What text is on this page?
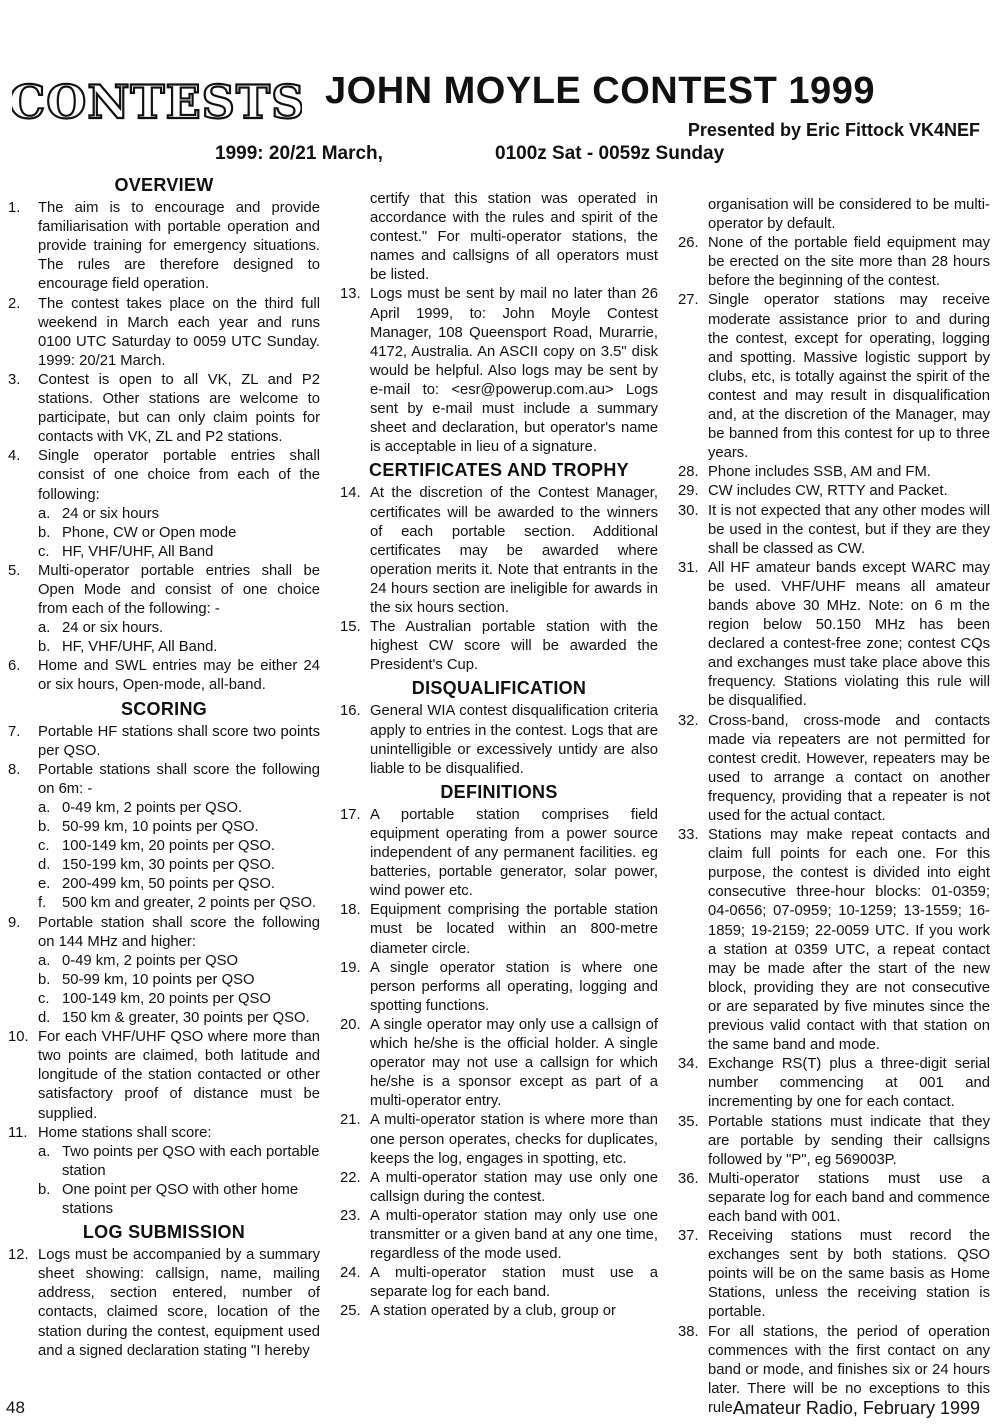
CONTESTS JOHN MOYLE CONTEST 1999
Presented by Eric Fittock VK4NEF
1999: 20/21 March,	0100z Sat - 0059z Sunday
OVERVIEW
1. The aim is to encourage and provide familiarisation with portable operation and provide training for emergency situations. The rules are therefore designed to encourage field operation.
2. The contest takes place on the third full weekend in March each year and runs 0100 UTC Saturday to 0059 UTC Sunday. 1999: 20/21 March.
3. Contest is open to all VK, ZL and P2 stations. Other stations are welcome to participate, but can only claim points for contacts with VK, ZL and P2 stations.
4. Single operator portable entries shall consist of one choice from each of the following:
a. 24 or six hours
b. Phone, CW or Open mode
c. HF, VHF/UHF, All Band
5. Multi-operator portable entries shall be Open Mode and consist of one choice from each of the following: -
a. 24 or six hours.
b. HF, VHF/UHF, All Band.
6. Home and SWL entries may be either 24 or six hours, Open-mode, all-band.
SCORING
7. Portable HF stations shall score two points per QSO.
8. Portable stations shall score the following on 6m: -
a. 0-49 km, 2 points per QSO.
b. 50-99 km, 10 points per QSO.
c. 100-149 km, 20 points per QSO.
d. 150-199 km, 30 points per QSO.
e. 200-499 km, 50 points per QSO.
f. 500 km and greater, 2 points per QSO.
9. Portable station shall score the following on 144 MHz and higher:
a. 0-49 km, 2 points per QSO
b. 50-99 km, 10 points per QSO
c. 100-149 km, 20 points per QSO
d. 150 km & greater, 30 points per QSO.
10. For each VHF/UHF QSO where more than two points are claimed, both latitude and longitude of the station contacted or other satisfactory proof of distance must be supplied.
11. Home stations shall score:
a. Two points per QSO with each portable station
b. One point per QSO with other home stations
LOG SUBMISSION
12. Logs must be accompanied by a summary sheet showing: callsign, name, mailing address, section entered, number of contacts, claimed score, location of the station during the contest, equipment used and a signed declaration stating "I hereby
certify that this station was operated in accordance with the rules and spirit of the contest." For multi-operator stations, the names and callsigns of all operators must be listed.
13. Logs must be sent by mail no later than 26 April 1999, to: John Moyle Contest Manager, 108 Queensport Road, Murarrie, 4172, Australia. An ASCII copy on 3.5" disk would be helpful. Also logs may be sent by e-mail to: <esr@powerup.com.au> Logs sent by e-mail must include a summary sheet and declaration, but operator's name is acceptable in lieu of a signature.
CERTIFICATES AND TROPHY
14. At the discretion of the Contest Manager, certificates will be awarded to the winners of each portable section. Additional certificates may be awarded where operation merits it. Note that entrants in the 24 hours section are ineligible for awards in the six hours section.
15. The Australian portable station with the highest CW score will be awarded the President's Cup.
DISQUALIFICATION
16. General WIA contest disqualification criteria apply to entries in the contest. Logs that are unintelligible or excessively untidy are also liable to be disqualified.
DEFINITIONS
17. A portable station comprises field equipment operating from a power source independent of any permanent facilities. eg batteries, portable generator, solar power, wind power etc.
18. Equipment comprising the portable station must be located within an 800-metre diameter circle.
19. A single operator station is where one person performs all operating, logging and spotting functions.
20. A single operator may only use a callsign of which he/she is the official holder. A single operator may not use a callsign for which he/she is a sponsor except as part of a multi-operator entry.
21. A multi-operator station is where more than one person operates, checks for duplicates, keeps the log, engages in spotting, etc.
22. A multi-operator station may use only one callsign during the contest.
23. A multi-operator station may only use one transmitter or a given band at any one time, regardless of the mode used.
24. A multi-operator station must use a separate log for each band.
25. A station operated by a club, group or
organisation will be considered to be multi-operator by default.
26. None of the portable field equipment may be erected on the site more than 28 hours before the beginning of the contest.
27. Single operator stations may receive moderate assistance prior to and during the contest, except for operating, logging and spotting. Massive logistic support by clubs, etc, is totally against the spirit of the contest and may result in disqualification and, at the discretion of the Manager, may be banned from this contest for up to three years.
28. Phone includes SSB, AM and FM.
29. CW includes CW, RTTY and Packet.
30. It is not expected that any other modes will be used in the contest, but if they are they shall be classed as CW.
31. All HF amateur bands except WARC may be used. VHF/UHF means all amateur bands above 30 MHz. Note: on 6 m the region below 50.150 MHz has been declared a contest-free zone; contest CQs and exchanges must take place above this frequency. Stations violating this rule will be disqualified.
32. Cross-band, cross-mode and contacts made via repeaters are not permitted for contest credit. However, repeaters may be used to arrange a contact on another frequency, providing that a repeater is not used for the actual contact.
33. Stations may make repeat contacts and claim full points for each one. For this purpose, the contest is divided into eight consecutive three-hour blocks: 01-0359; 04-0656; 07-0959; 10-1259; 13-1559; 16-1859; 19-2159; 22-0059 UTC. If you work a station at 0359 UTC, a repeat contact may be made after the start of the new block, providing they are not consecutive or are separated by five minutes since the previous valid contact with that station on the same band and mode.
34. Exchange RS(T) plus a three-digit serial number commencing at 001 and incrementing by one for each contact.
35. Portable stations must indicate that they are portable by sending their callsigns followed by "P", eg 569003P.
36. Multi-operator stations must use a separate log for each band and commence each band with 001.
37. Receiving stations must record the exchanges sent by both stations. QSO points will be on the same basis as Home Stations, unless the receiving station is portable.
38. For all stations, the period of operation commences with the first contact on any band or mode, and finishes six or 24 hours later. There will be no exceptions to this rule.
48	Amateur Radio, February 1999
